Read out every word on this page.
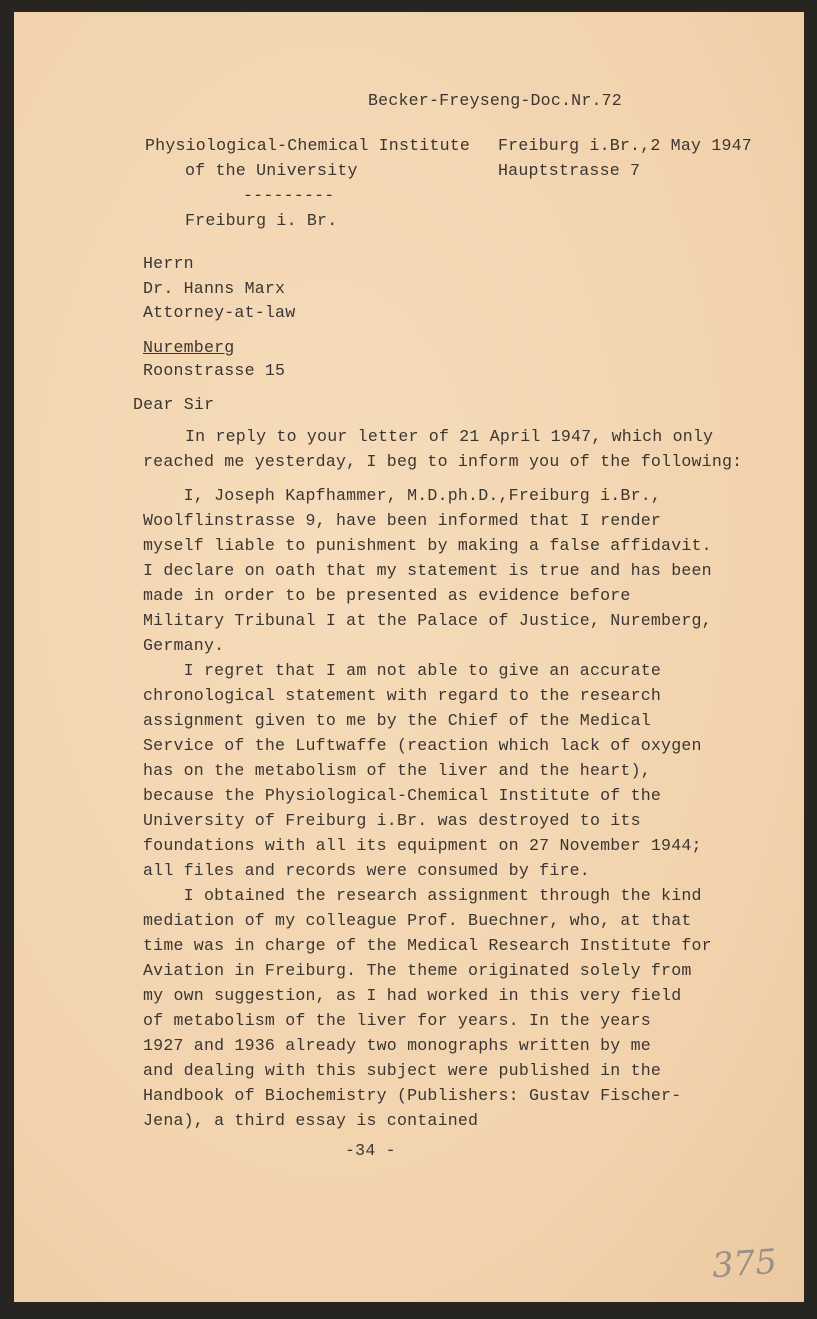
Becker-Freyseng-Doc.Nr.72
Physiological-Chemical Institute
of the University
---------
Freiburg i. Br.
Freiburg i.Br.,2 May 1947
Hauptstrasse 7
Herrn
Dr. Hanns Marx
Attorney-at-law
Nuremberg
Roonstrasse 15
Dear Sir
In reply to your letter of 21 April 1947, which only
reached me yesterday, I beg to inform you of the following:
I, Joseph Kapfhammer, M.D.ph.D.,Freiburg i.Br.,
Woolflinstrasse 9, have been informed that I render
myself liable to punishment by making a false affidavit.
I declare on oath that my statement is true and has been
made in order to be presented as evidence before
Military Tribunal I at the Palace of Justice, Nuremberg,
Germany.
I regret that I am not able to give an accurate
chronological statement with regard to the research
assignment given to me by the Chief of the Medical
Service of the Luftwaffe (reaction which lack of oxygen
has on the metabolism of the liver and the heart),
because the Physiological-Chemical Institute of the
University of Freiburg i.Br. was destroyed to its
foundations with all its equipment on 27 November 1944;
all files and records were consumed by fire.
I obtained the research assignment through the kind
mediation of my colleague Prof. Buechner, who, at that
time was in charge of the Medical Research Institute for
Aviation in Freiburg. The theme originated solely from
my own suggestion, as I had worked in this very field
of metabolism of the liver for years. In the years
1927 and 1936 already two monographs written by me
and dealing with this subject were published in the
Handbook of Biochemistry (Publishers: Gustav Fischer-
Jena), a third essay is contained
-34 -
375
